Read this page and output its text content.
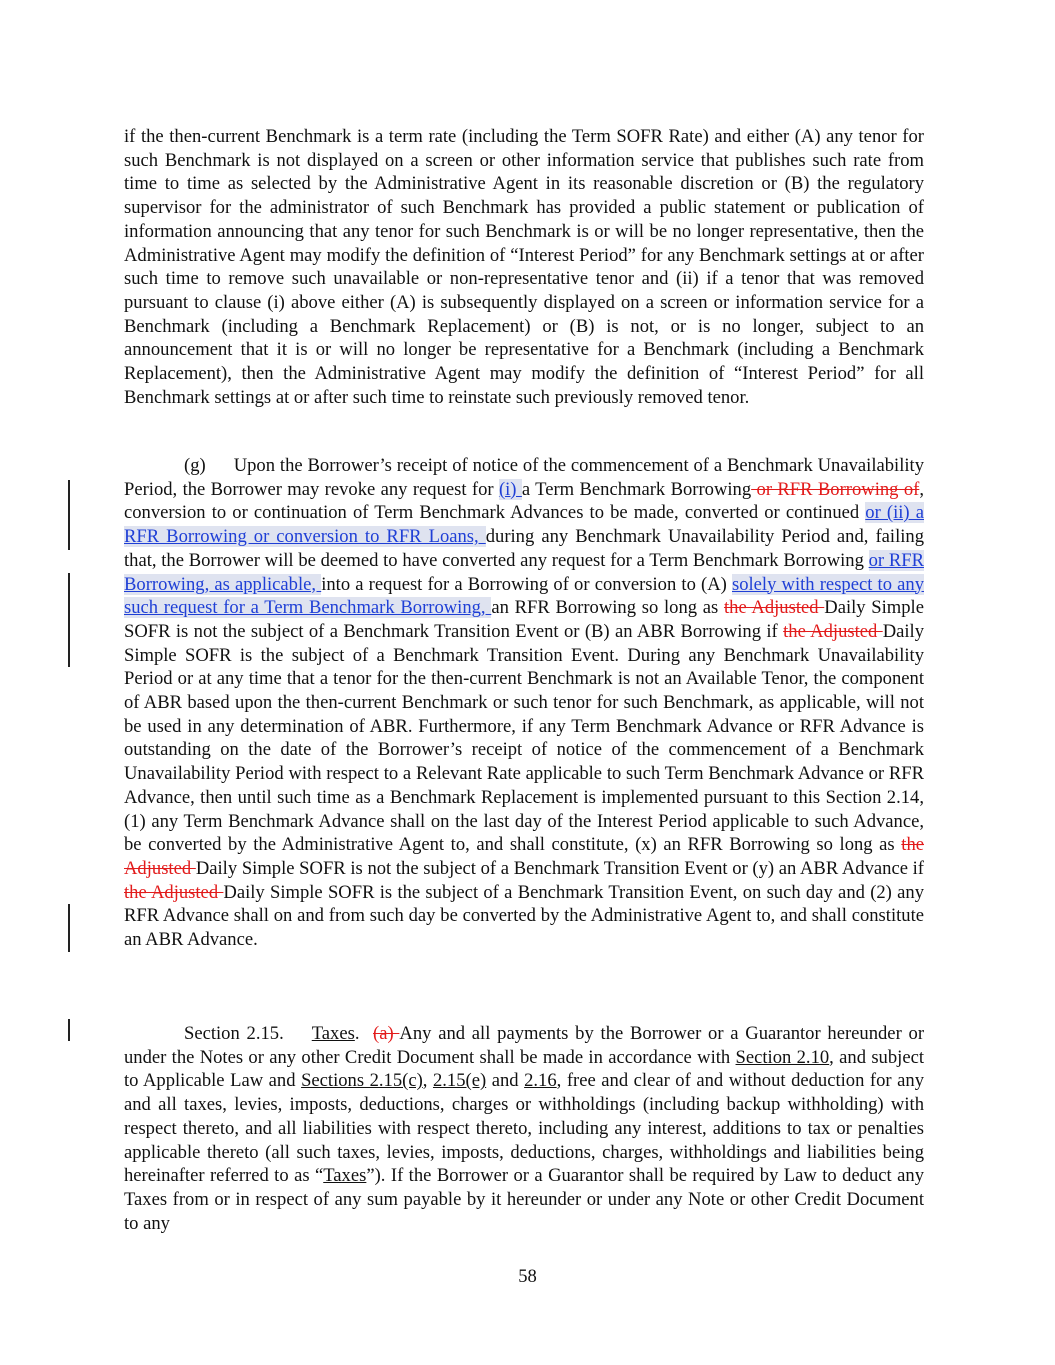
if the then-current Benchmark is a term rate (including the Term SOFR Rate) and either (A) any tenor for such Benchmark is not displayed on a screen or other information service that publishes such rate from time to time as selected by the Administrative Agent in its reasonable discretion or (B) the regulatory supervisor for the administrator of such Benchmark has provided a public statement or publication of information announcing that any tenor for such Benchmark is or will be no longer representative, then the Administrative Agent may modify the definition of “Interest Period” for any Benchmark settings at or after such time to remove such unavailable or non-representative tenor and (ii) if a tenor that was removed pursuant to clause (i) above either (A) is subsequently displayed on a screen or information service for a Benchmark (including a Benchmark Replacement) or (B) is not, or is no longer, subject to an announcement that it is or will no longer be representative for a Benchmark (including a Benchmark Replacement), then the Administrative Agent may modify the definition of “Interest Period” for all Benchmark settings at or after such time to reinstate such previously removed tenor.

(g) Upon the Borrower’s receipt of notice of the commencement of a Benchmark Unavailability Period, the Borrower may revoke any request for (i) a Term Benchmark Borrowing or RFR Borrowing of, conversion to or continuation of Term Benchmark Advances to be made, converted or continued or (ii) a RFR Borrowing or conversion to RFR Loans, during any Benchmark Unavailability Period and, failing that, the Borrower will be deemed to have converted any request for a Term Benchmark Borrowing or RFR Borrowing, as applicable, into a request for a Borrowing of or conversion to (A) solely with respect to any such request for a Term Benchmark Borrowing, an RFR Borrowing so long as the Adjusted Daily Simple SOFR is not the subject of a Benchmark Transition Event or (B) an ABR Borrowing if the Adjusted Daily Simple SOFR is the subject of a Benchmark Transition Event. During any Benchmark Unavailability Period or at any time that a tenor for the then-current Benchmark is not an Available Tenor, the component of ABR based upon the then-current Benchmark or such tenor for such Benchmark, as applicable, will not be used in any determination of ABR. Furthermore, if any Term Benchmark Advance or RFR Advance is outstanding on the date of the Borrower’s receipt of notice of the commencement of a Benchmark Unavailability Period with respect to a Relevant Rate applicable to such Term Benchmark Advance or RFR Advance, then until such time as a Benchmark Replacement is implemented pursuant to this Section 2.14, (1) any Term Benchmark Advance shall on the last day of the Interest Period applicable to such Advance, be converted by the Administrative Agent to, and shall constitute, (x) an RFR Borrowing so long as the Adjusted Daily Simple SOFR is not the subject of a Benchmark Transition Event or (y) an ABR Advance if the Adjusted Daily Simple SOFR is the subject of a Benchmark Transition Event, on such day and (2) any RFR Advance shall on and from such day be converted by the Administrative Agent to, and shall constitute an ABR Advance.

Section 2.15. Taxes. (a) Any and all payments by the Borrower or a Guarantor hereunder or under the Notes or any other Credit Document shall be made in accordance with Section 2.10, and subject to Applicable Law and Sections 2.15(c), 2.15(e) and 2.16, free and clear of and without deduction for any and all taxes, levies, imposts, deductions, charges or withholdings (including backup withholding) with respect thereto, and all liabilities with respect thereto, including any interest, additions to tax or penalties applicable thereto (all such taxes, levies, imposts, deductions, charges, withholdings and liabilities being hereinafter referred to as “Taxes”). If the Borrower or a Guarantor shall be required by Law to deduct any Taxes from or in respect of any sum payable by it hereunder or under any Note or other Credit Document to any

58
